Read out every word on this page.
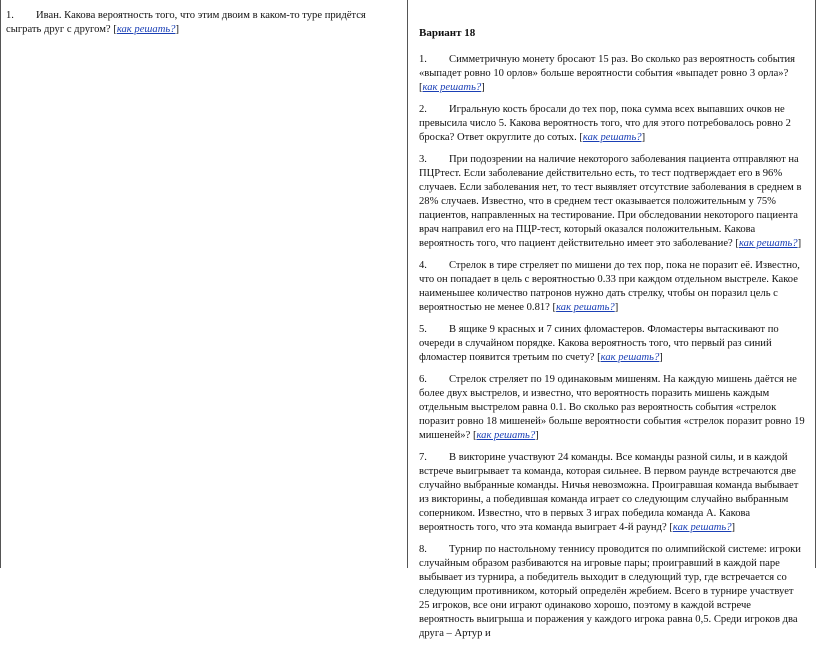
1. Иван. Какова вероятность того, что этим двоим в каком-то туре придётся сыграть друг с другом? [как решать?]	Вариант 18

1. Симметричную монету бросают 15 раз. Во сколько раз вероятность события «выпадет ровно 10 орлов» больше вероятности события «выпадет ровно 3 орла»? [как решать?]

2. Игральную кость бросали до тех пор, пока сумма всех выпавших очков не превысила число 5. Какова вероятность того, что для этого потребовалось ровно 2 броска? Ответ округлите до сотых. [как решать?]

3. При подозрении на наличие некоторого заболевания пациента отправляют на ПЦРтест. Если заболевание действительно есть, то тест подтверждает его в 96% случаев. Если заболевания нет, то тест выявляет отсутствие заболевания в среднем в 28% случаев. Известно, что в среднем тест оказывается положительным у 75% пациентов, направленных на тестирование. При обследовании некоторого пациента врач направил его на ПЦР-тест, который оказался положительным. Какова вероятность того, что пациент действительно имеет это заболевание? [как решать?]

4. Стрелок в тире стреляет по мишени до тех пор, пока не поразит её. Известно, что он попадает в цель с вероятностью 0.33 при каждом отдельном выстреле. Какое наименьшее количество патронов нужно дать стрелку, чтобы он поразил цель с вероятностью не менее 0.81? [как решать?]

5. В ящике 9 красных и 7 синих фломастеров. Фломастеры вытаскивают по очереди в случайном порядке. Какова вероятность того, что первый раз синий фломастер появится третьим по счету? [как решать?]

6. Стрелок стреляет по 19 одинаковым мишеням. На каждую мишень даётся не более двух выстрелов, и известно, что вероятность поразить мишень каждым отдельным выстрелом равна 0.1. Во сколько раз вероятность события «стрелок поразит ровно 18 мишеней» больше вероятности события «стрелок поразит ровно 19 мишеней»? [как решать?]

7. В викторине участвуют 24 команды. Все команды разной силы, и в каждой встрече выигрывает та команда, которая сильнее. В первом раунде встречаются две случайно выбранные команды. Ничья невозможна. Проигравшая команда выбывает из викторины, а победившая команда играет со следующим случайно выбранным соперником. Известно, что в первых 3 играх победила команда А. Какова вероятность того, что эта команда выиграет 4-й раунд? [как решать?]

8. Турнир по настольному теннису проводится по олимпийской системе: игроки случайным образом разбиваются на игровые пары; проигравший в каждой паре выбывает из турнира, а победитель выходит в следующий тур, где встречается со следующим противником, который определён жребием. Всего в турнире участвует 25 игроков, все они играют одинаково хорошо, поэтому в каждой встрече вероятность выигрыша и поражения у каждого игрока равна 0,5. Среди игроков два друга – Артур и
